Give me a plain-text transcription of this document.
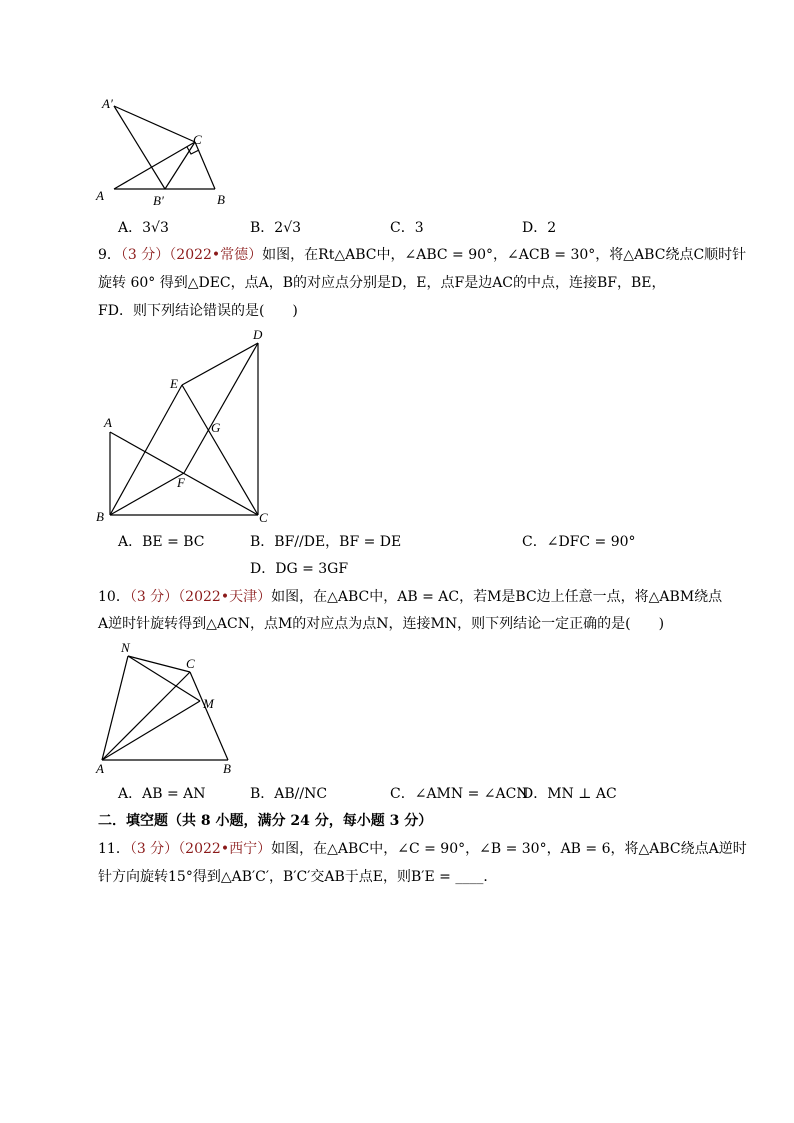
A′
C
A	B′	B
A．3√3	B．2√3	C．3	D．2
9．（3 分）（2022•常德）如图，在Rt△ABC中，∠ABC = 90°，∠ACB = 30°，将△ABC绕点C顺时针
旋转 60° 得到△DEC，点A，B的对应点分别是D，E，点F是边AC的中点，连接BF，BE，
FD．则下列结论错误的是(　　)
D
E
G
A
F
B	C
A．BE = BC	B．BF//DE，BF = DE	C．∠DFC = 90°
D．DG = 3GF
10．（3 分）（2022•天津）如图，在△ABC中，AB = AC，若M是BC边上任意一点，将△ABM绕点
A逆时针旋转得到△ACN，点M的对应点为点N，连接MN，则下列结论一定正确的是(　　)
N
C
M
A	B
A．AB = AN	B．AB//NC	C．∠AMN = ∠ACN
D．MN ⊥ AC
二．填空题（共 8 小题，满分 24 分，每小题 3 分）
11．（3 分）（2022•西宁）如图，在△ABC中，∠C = 90°，∠B = 30°，AB = 6，将△ABC绕点A逆时
针方向旋转15°得到△AB′C′，B′C′交AB于点E，则B′E = ____．
